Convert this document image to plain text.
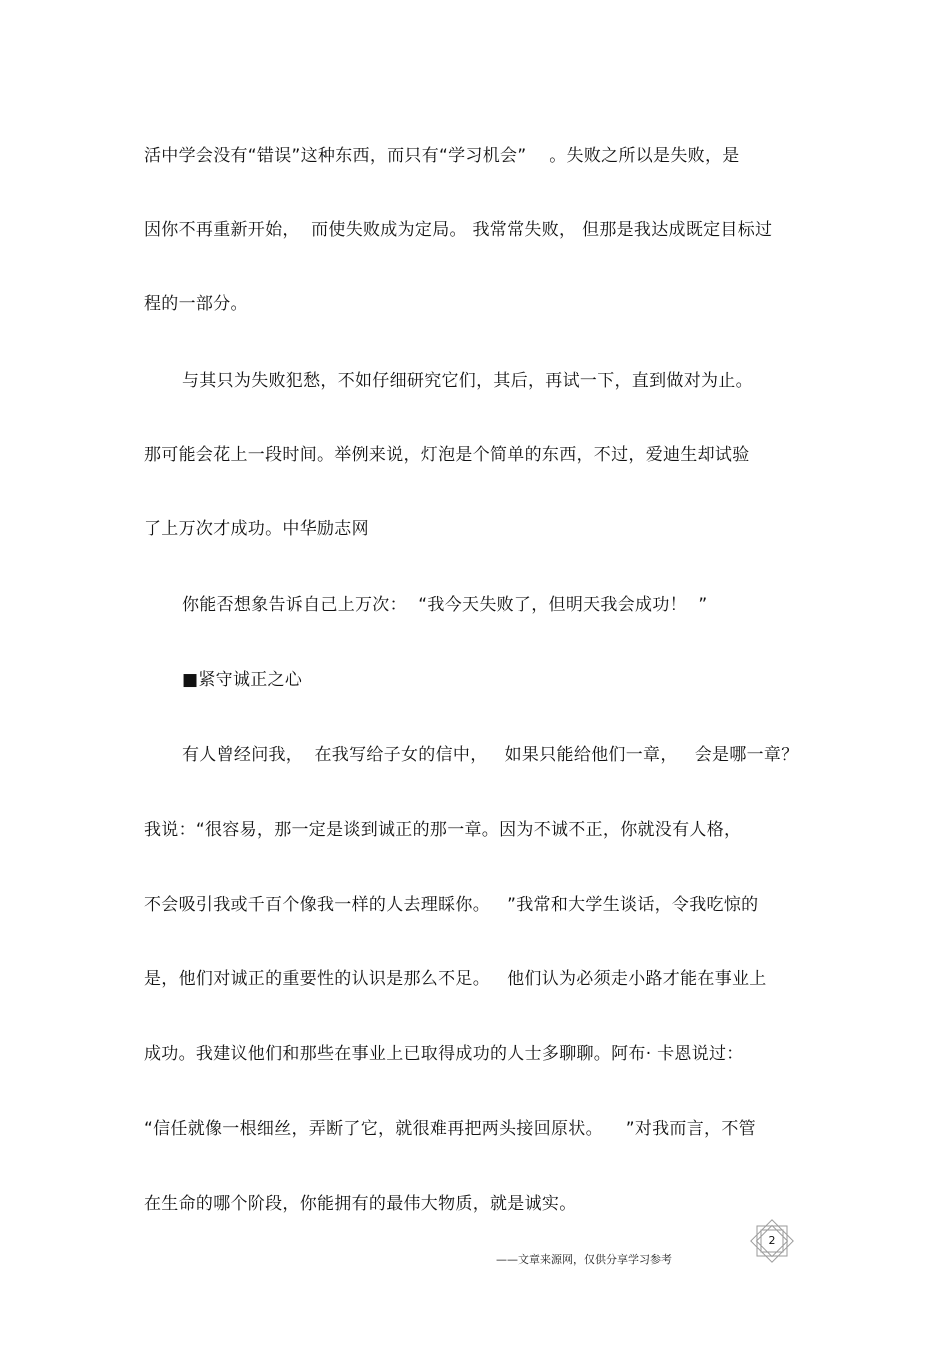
活中学会没有“错误”这种东西，而只有“学习机会”    。失败之所以是失败，是
因你不再重新开始，  而使失败成为定局。 我常常失败， 但那是我达成既定目标过
程的一部分。
与其只为失败犯愁，不如仔细研究它们，其后，再试一下，直到做对为止。
那可能会花上一段时间。举例来说，灯泡是个简单的东西，不过，爱迪生却试验
了上万次才成功。中华励志网
你能否想象告诉自己上万次：  “我今天失败了，但明天我会成功！  ”
■紧守诚正之心
有人曾经问我，  在我写给子女的信中，   如果只能给他们一章，   会是哪一章？
我说：“很容易，那一定是谈到诚正的那一章。因为不诚不正，你就没有人格，
不会吸引我或千百个像我一样的人去理睬你。   ”我常和大学生谈话，令我吃惊的
是，他们对诚正的重要性的认识是那么不足。   他们认为必须走小路才能在事业上
成功。我建议他们和那些在事业上已取得成功的人士多聊聊。阿布· 卡恩说过：
“信任就像一根细丝，弄断了它，就很难再把两头接回原状。    ”对我而言，不管
在生命的哪个阶段，你能拥有的最伟大物质，就是诚实。
2
——文章来源网，仅供分享学习参考
